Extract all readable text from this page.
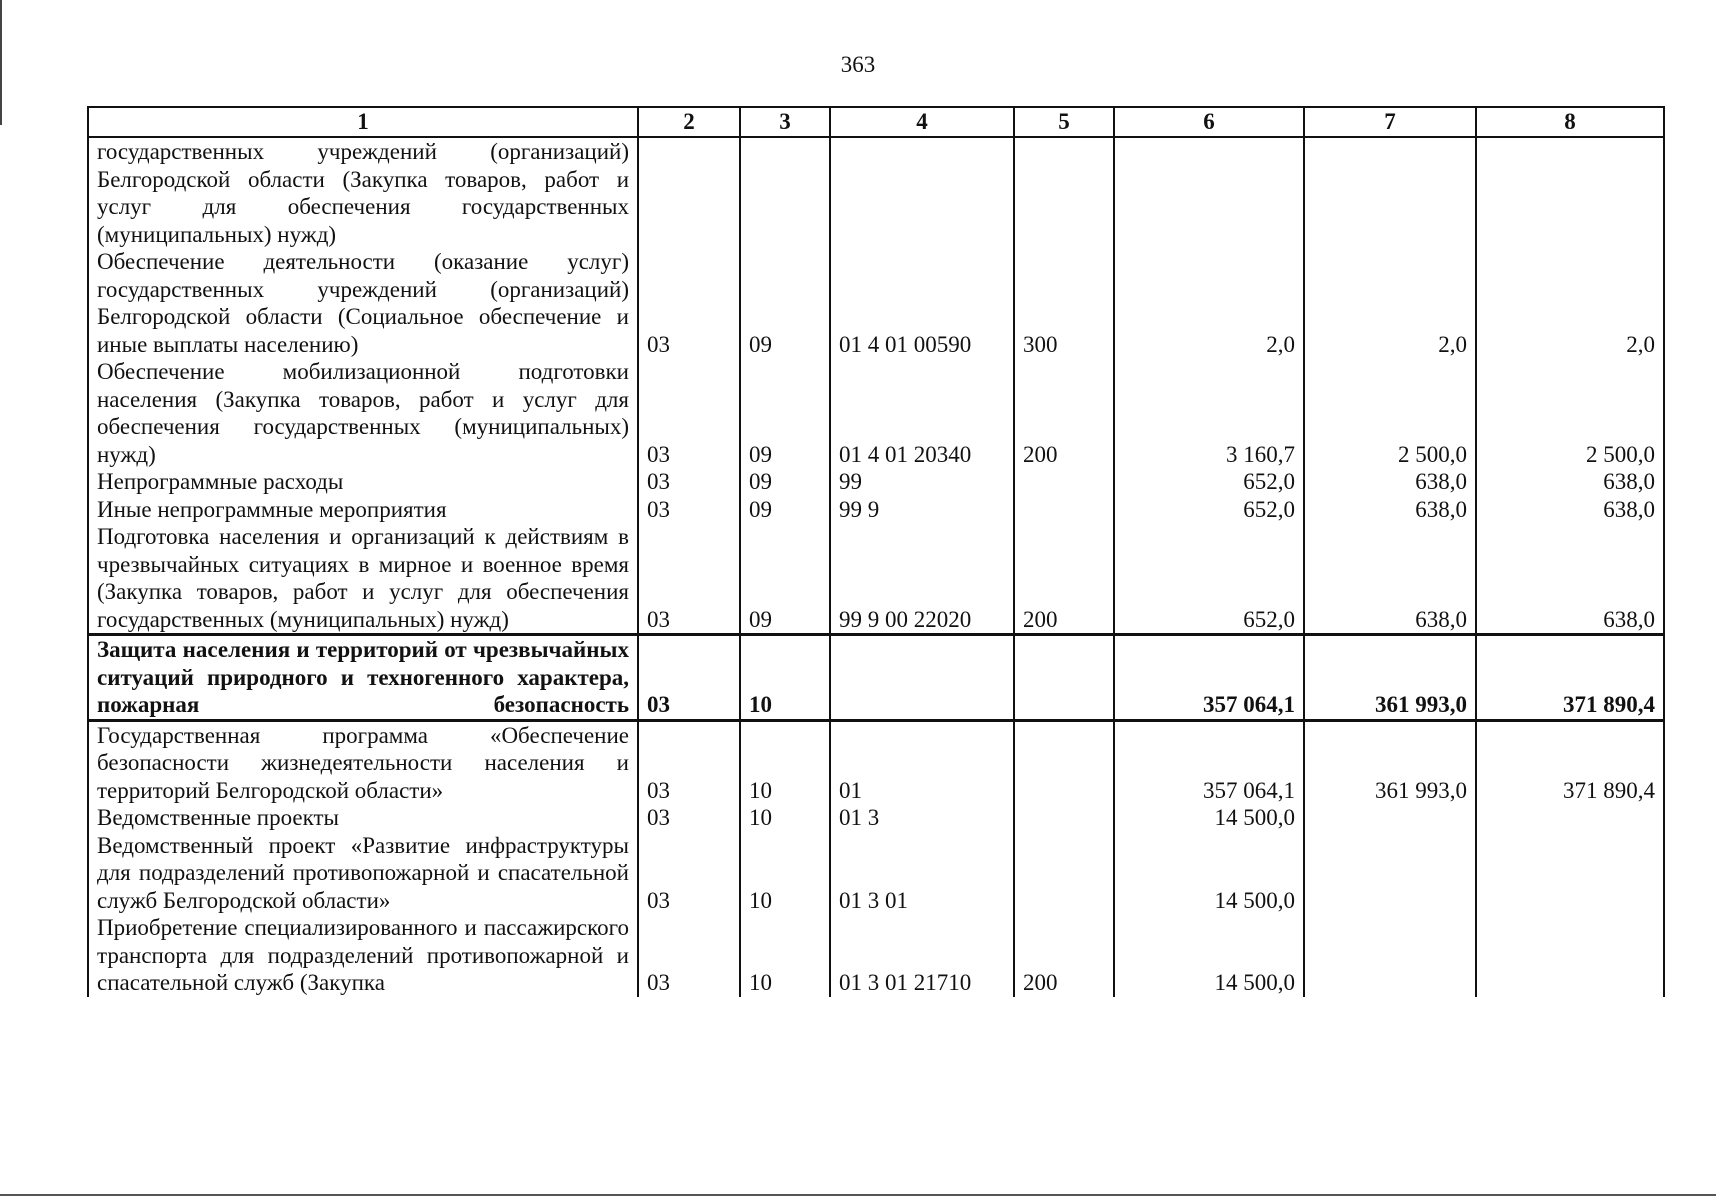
363
1	2	3	4	5	6	7	8
государственных учреждений (организаций) Белгородской области (Закупка товаров, работ и услуг для обеспечения государственных (муниципальных) нужд)							
Обеспечение деятельности (оказание услуг) государственных учреждений (организаций) Белгородской области (Социальное обеспечение и иные выплаты населению)	03	09	01 4 01 00590	300	2,0	2,0	2,0
Обеспечение мобилизационной подготовки населения (Закупка товаров, работ и услуг для обеспечения государственных (муниципальных) нужд)	03	09	01 4 01 20340	200	3 160,7	2 500,0	2 500,0
Непрограммные расходы	03	09	99		652,0	638,0	638,0
Иные непрограммные мероприятия	03	09	99 9		652,0	638,0	638,0
Подготовка населения и организаций к действиям в чрезвычайных ситуациях в мирное и военное время (Закупка товаров, работ и услуг для обеспечения государственных (муниципальных) нужд)	03	09	99 9 00 22020	200	652,0	638,0	638,0
Защита населения и территорий от чрезвычайных ситуаций природного и техногенного характера, пожарная безопасность	03	10			357 064,1	361 993,0	371 890,4
Государственная программа «Обеспечение безопасности жизнедеятельности населения и территорий Белгородской области»	03	10	01		357 064,1	361 993,0	371 890,4
Ведомственные проекты	03	10	01 3		14 500,0		
Ведомственный проект «Развитие инфраструктуры для подразделений противопожарной и спасательной служб Белгородской области»	03	10	01 3 01		14 500,0		
Приобретение специализированного и пассажирского транспорта для подразделений противопожарной и спасательной служб (Закупка	03	10	01 3 01 21710	200	14 500,0		
